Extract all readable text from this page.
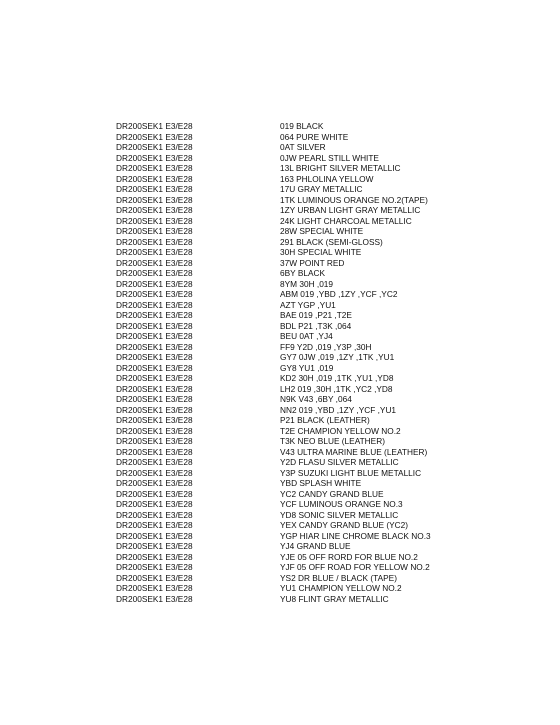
DR200SEK1 E3/E28	019 BLACK
DR200SEK1 E3/E28	064 PURE WHITE
DR200SEK1 E3/E28	0AT SILVER
DR200SEK1 E3/E28	0JW PEARL STILL WHITE
DR200SEK1 E3/E28	13L BRIGHT SILVER METALLIC
DR200SEK1 E3/E28	163 PHLOLINA YELLOW
DR200SEK1 E3/E28	17U GRAY METALLIC
DR200SEK1 E3/E28	1TK LUMINOUS ORANGE NO.2(TAPE)
DR200SEK1 E3/E28	1ZY URBAN LIGHT GRAY METALLIC
DR200SEK1 E3/E28	24K LIGHT CHARCOAL METALLIC
DR200SEK1 E3/E28	28W SPECIAL WHITE
DR200SEK1 E3/E28	291 BLACK (SEMI-GLOSS)
DR200SEK1 E3/E28	30H SPECIAL WHITE
DR200SEK1 E3/E28	37W POINT RED
DR200SEK1 E3/E28	6BY BLACK
DR200SEK1 E3/E28	8YM 30H ,019
DR200SEK1 E3/E28	ABM 019 ,YBD ,1ZY ,YCF ,YC2
DR200SEK1 E3/E28	AZT YGP ,YU1
DR200SEK1 E3/E28	BAE 019 ,P21 ,T2E
DR200SEK1 E3/E28	BDL P21 ,T3K ,064
DR200SEK1 E3/E28	BEU 0AT ,YJ4
DR200SEK1 E3/E28	FF9 Y2D ,019 ,Y3P ,30H
DR200SEK1 E3/E28	GY7 0JW ,019 ,1ZY ,1TK ,YU1
DR200SEK1 E3/E28	GY8 YU1 ,019
DR200SEK1 E3/E28	KD2 30H ,019 ,1TK ,YU1 ,YD8
DR200SEK1 E3/E28	LH2 019 ,30H ,1TK ,YC2 ,YD8
DR200SEK1 E3/E28	N9K V43 ,6BY ,064
DR200SEK1 E3/E28	NN2 019 ,YBD ,1ZY ,YCF ,YU1
DR200SEK1 E3/E28	P21 BLACK (LEATHER)
DR200SEK1 E3/E28	T2E CHAMPION YELLOW NO.2
DR200SEK1 E3/E28	T3K NEO BLUE (LEATHER)
DR200SEK1 E3/E28	V43 ULTRA MARINE BLUE (LEATHER)
DR200SEK1 E3/E28	Y2D FLASU SILVER METALLIC
DR200SEK1 E3/E28	Y3P SUZUKI LIGHT BLUE METALLIC
DR200SEK1 E3/E28	YBD SPLASH WHITE
DR200SEK1 E3/E28	YC2 CANDY GRAND BLUE
DR200SEK1 E3/E28	YCF LUMINOUS ORANGE NO.3
DR200SEK1 E3/E28	YD8 SONIC SILVER METALLIC
DR200SEK1 E3/E28	YEX CANDY GRAND BLUE (YC2)
DR200SEK1 E3/E28	YGP HIAR LINE CHROME BLACK NO.3
DR200SEK1 E3/E28	YJ4 GRAND BLUE
DR200SEK1 E3/E28	YJE 05 OFF RORD FOR BLUE NO.2
DR200SEK1 E3/E28	YJF 05 OFF ROAD FOR YELLOW NO.2
DR200SEK1 E3/E28	YS2 DR BLUE / BLACK (TAPE)
DR200SEK1 E3/E28	YU1 CHAMPION YELLOW NO.2
DR200SEK1 E3/E28	YU8 FLINT GRAY METALLIC
